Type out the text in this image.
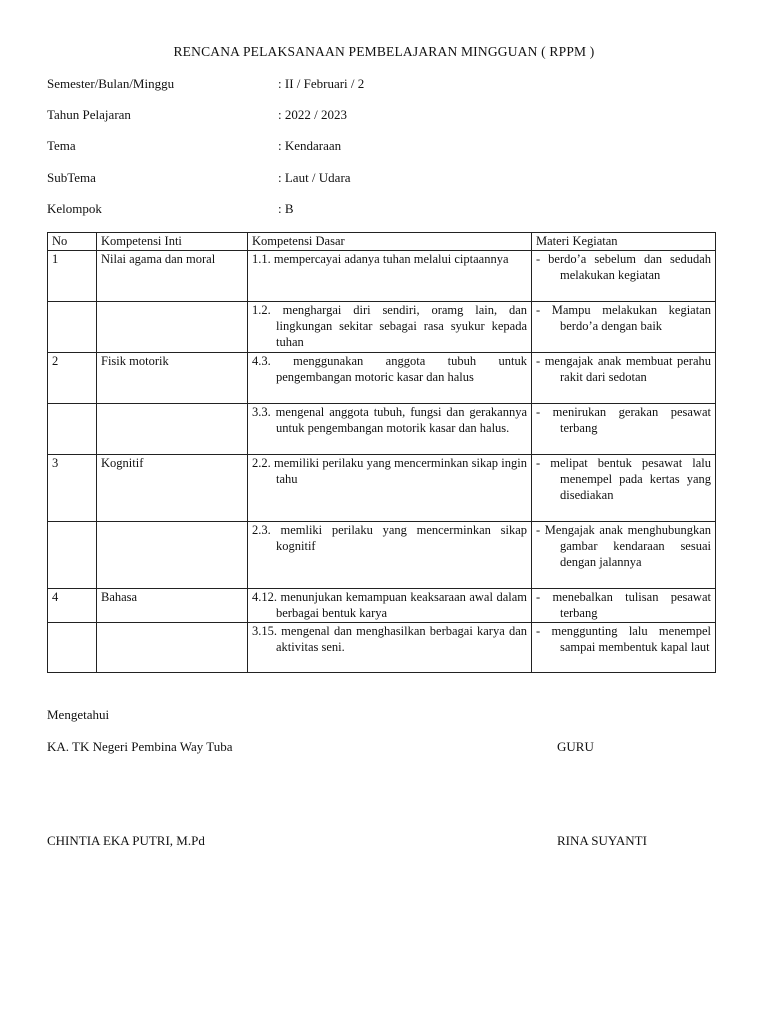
RENCANA PELAKSANAAN PEMBELAJARAN MINGGUAN ( RPPM )
Semester/Bulan/Minggu	: II / Februari / 2
Tahun Pelajaran	: 2022 / 2023
Tema	: Kendaraan
SubTema	: Laut / Udara
Kelompok	: B
No	Kompetensi Inti	Kompetensi Dasar	Materi Kegiatan
1	Nilai agama dan moral	1.1. mempercayai adanya tuhan melalui ciptaannya	- berdo’a sebelum dan sedudah melakukan kegiatan

		1.2. menghargai diri sendiri, oramg lain, dan lingkungan sekitar sebagai rasa syukur kepada tuhan	- Mampu melakukan kegiatan berdo’a dengan baik

2	Fisik motorik	4.3. menggunakan anggota tubuh untuk pengembangan motoric kasar dan halus	- mengajak anak membuat perahu rakit dari sedotan

		3.3. mengenal anggota tubuh, fungsi dan gerakannya untuk pengembangan motorik kasar dan halus.	- menirukan gerakan pesawat terbang

3	Kognitif	2.2. memiliki perilaku yang mencerminkan sikap ingin tahu	- melipat bentuk pesawat lalu menempel pada kertas yang disediakan

		2.3. memliki perilaku yang mencerminkan sikap kognitif	- Mengajak anak menghubungkan gambar kendaraan sesuai dengan jalannya

4	Bahasa	4.12. menunjukan kemampuan keaksaraan awal dalam berbagai bentuk karya	- menebalkan tulisan pesawat terbang

		3.15. mengenal dan menghasilkan berbagai karya dan aktivitas seni.	- menggunting lalu menempel sampai membentuk kapal laut
Mengetahui
KA. TK Negeri Pembina Way Tuba	GURU
CHINTIA EKA PUTRI, M.Pd	RINA SUYANTI
